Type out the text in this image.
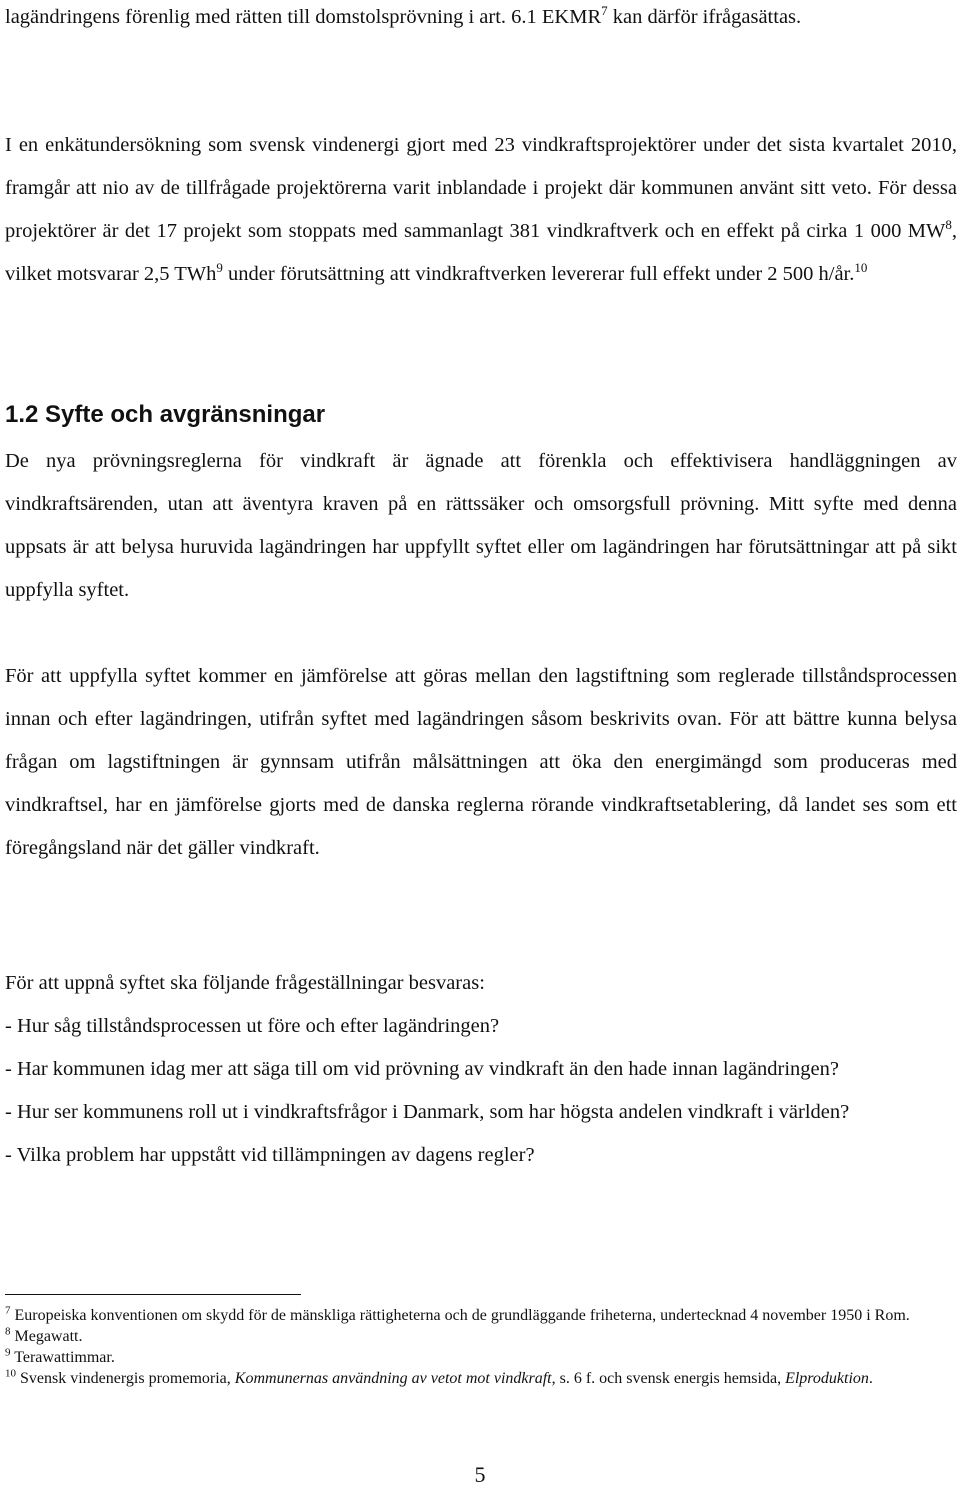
lagändringens förenlig med rätten till domstolsprövning i art. 6.1 EKMR$^7$ kan därför ifrågasättas.

I en enkätundersökning som svensk vindenergi gjort med 23 vindkraftsprojektörer under det sista kvartalet 2010, framgår att nio av de tillfrågade projektörerna varit inblandade i projekt där kommunen använt sitt veto. För dessa projektörer är det 17 projekt som stoppats med sammanlagt 381 vindkraftverk och en effekt på cirka 1 000 $MW^8$, vilket motsvarar 2,5 TWh$^9$ under förutsättning att vindkraftverken levererar full effekt under 2 500 h/år.$^{10}$

1.2 Syfte och avgränsningar

De nya prövningsreglerna för vindkraft är ägnade att förenkla och effektivisera handläggningen av vindkraftsärenden, utan att äventyra kraven på en rättssäker och omsorgsfull prövning. Mitt syfte med denna uppsats är att belysa huruvida lagändringen har uppfyllt syftet eller om lagändringen har förutsättningar att på sikt uppfylla syftet.

För att uppfylla syftet kommer en jämförelse att göras mellan den lagstiftning som reglerade tillståndsprocessen innan och efter lagändringen, utifrån syftet med lagändringen såsom beskrivits ovan. För att bättre kunna belysa frågan om lagstiftningen är gynnsam utifrån målsättningen att öka den energimängd som produceras med vindkraftsel, har en jämförelse gjorts med de danska reglerna rörande vindkraftsetablering, då landet ses som ett föregångsland när det gäller vindkraft.

För att uppnå syftet ska följande frågeställningar besvaras:

- Hur såg tillståndsprocessen ut före och efter lagändringen?
- Har kommunen idag mer att säga till om vid prövning av vindkraft än den hade innan lagändringen?
- Hur ser kommunens roll ut i vindkraftsfrågor i Danmark, som har högsta andelen vindkraft i världen?
- Vilka problem har uppstått vid tillämpningen av dagens regler?

$^7$ Europeiska konventionen om skydd för de mänskliga rättigheterna och de grundläggande friheterna, undertecknad 4 november 1950 i Rom.

$^8$ Megawatt.

$^9$ Terawattimmar.

$^{10}$ Svensk vindenergis promemoria, Kommunernas användning av vetot mot vindkraft, s. 6 f. och svensk energis hemsida, Elproduktion.

5
